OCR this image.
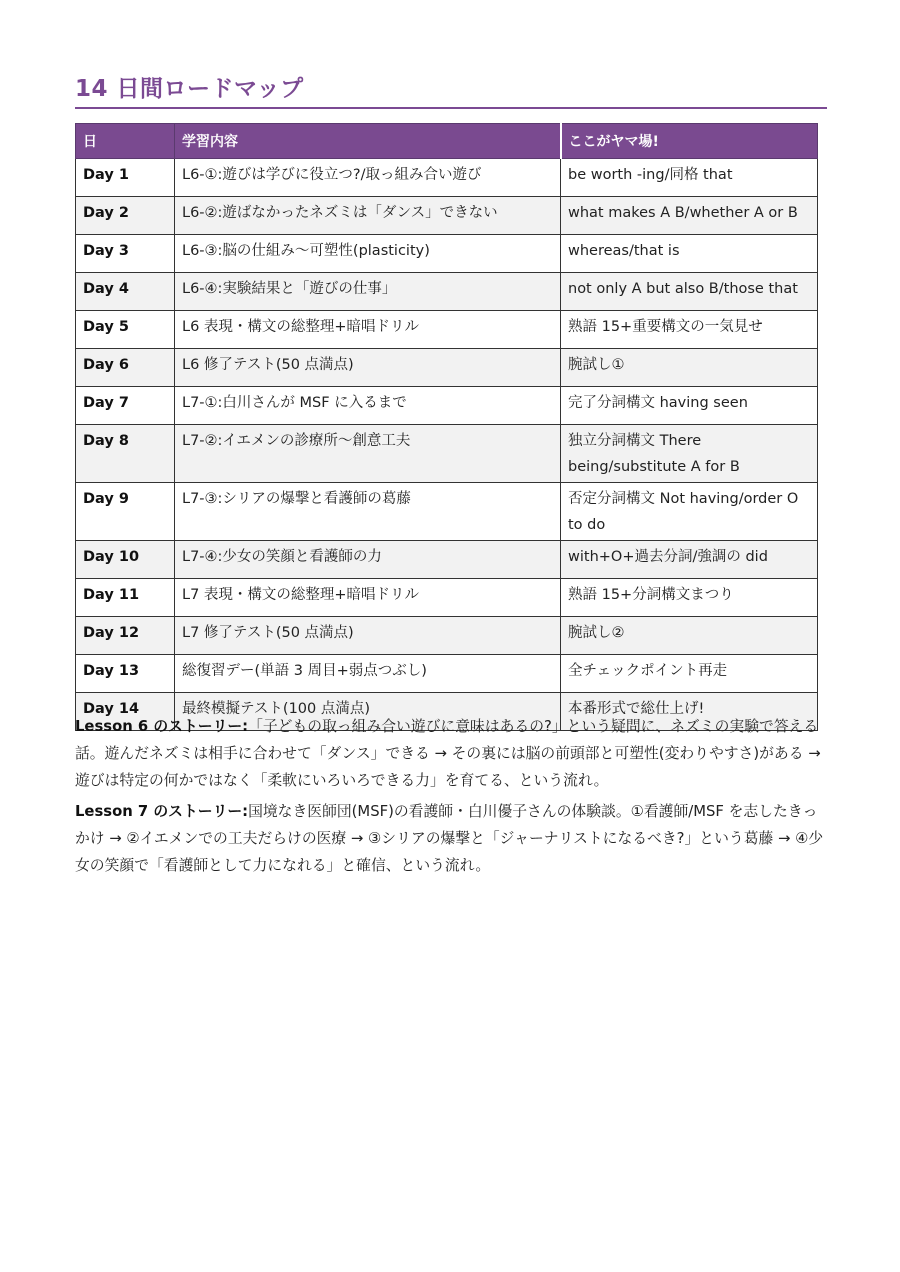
14 日間ロードマップ
日	学習内容	ここがヤマ場!
Day 1	L6-①:遊びは学びに役立つ?/取っ組み合い遊び	be worth -ing/同格 that
Day 2	L6-②:遊ばなかったネズミは「ダンス」できない	what makes A B/whether A or B
Day 3	L6-③:脳の仕組み〜可塑性(plasticity)	whereas/that is
Day 4	L6-④:実験結果と「遊びの仕事」	not only A but also B/those that
Day 5	L6 表現・構文の総整理+暗唱ドリル	熟語 15+重要構文の一気見せ
Day 6	L6 修了テスト(50 点満点)	腕試し①
Day 7	L7-①:白川さんが MSF に入るまで	完了分詞構文 having seen
Day 8	L7-②:イエメンの診療所〜創意工夫	独立分詞構文 There being/substitute A for B
Day 9	L7-③:シリアの爆撃と看護師の葛藤	否定分詞構文 Not having/order O to do
Day 10	L7-④:少女の笑顔と看護師の力	with+O+過去分詞/強調の did
Day 11	L7 表現・構文の総整理+暗唱ドリル	熟語 15+分詞構文まつり
Day 12	L7 修了テスト(50 点満点)	腕試し②
Day 13	総復習デー(単語 3 周目+弱点つぶし)	全チェックポイント再走
Day 14	最終模擬テスト(100 点満点)	本番形式で総仕上げ!

Lesson 6 のストーリー:「子どもの取っ組み合い遊びに意味はあるの?」という疑問に、ネズミの実験で答える話。遊んだネズミは相手に合わせて「ダンス」できる → その裏には脳の前頭部と可塑性(変わりやすさ)がある → 遊びは特定の何かではなく「柔軟にいろいろできる力」を育てる、という流れ。

Lesson 7 のストーリー:国境なき医師団(MSF)の看護師・白川優子さんの体験談。①看護師/MSF を志したきっかけ → ②イエメンでの工夫だらけの医療 → ③シリアの爆撃と「ジャーナリストになるべき?」という葛藤 → ④少女の笑顔で「看護師として力になれる」と確信、という流れ。
